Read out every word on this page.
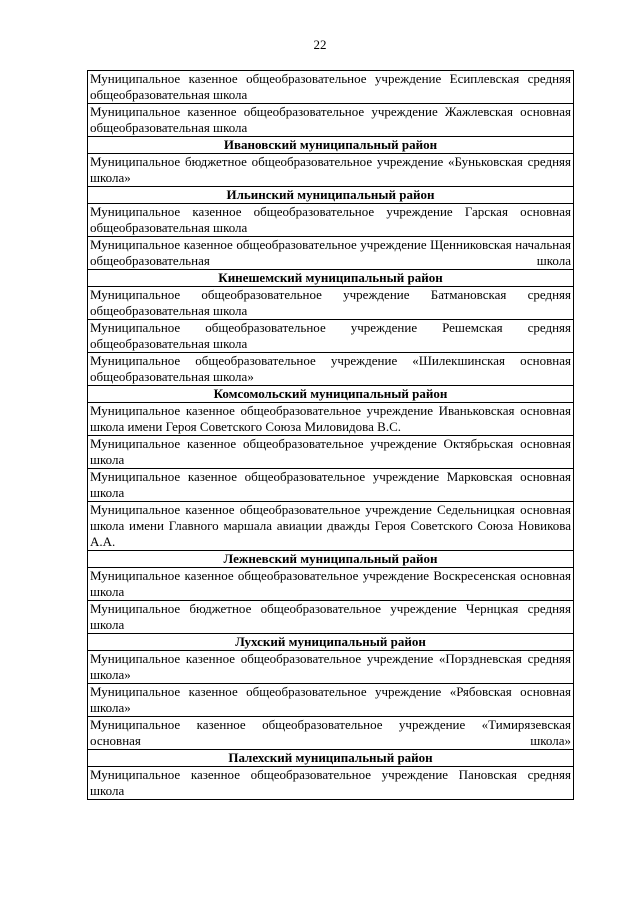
22
Муниципальное казенное общеобразовательное учреждение Есиплевская средняя общеобразовательная школа
Муниципальное казенное общеобразовательное учреждение Жажлевская основная общеобразовательная школа
Ивановский муниципальный район
Муниципальное бюджетное общеобразовательное учреждение «Буньковская средняя школа»
Ильинский муниципальный район
Муниципальное казенное общеобразовательное учреждение Гарская основная общеобразовательная школа
Муниципальное казенное общеобразовательное учреждение Щенниковская начальная общеобразовательная школа
Кинешемский муниципальный район
Муниципальное общеобразовательное учреждение Батмановская средняя общеобразовательная школа
Муниципальное общеобразовательное учреждение Решемская средняя общеобразовательная школа
Муниципальное общеобразовательное учреждение «Шилекшинская основная общеобразовательная школа»
Комсомольский муниципальный район
Муниципальное казенное общеобразовательное учреждение Иваньковская основная школа имени Героя Советского Союза Миловидова В.С.
Муниципальное казенное общеобразовательное учреждение Октябрьская основная школа
Муниципальное казенное общеобразовательное учреждение Марковская основная школа
Муниципальное казенное общеобразовательное учреждение Седельницкая основная школа имени Главного маршала авиации дважды Героя Советского Союза Новикова А.А.
Лежневский муниципальный район
Муниципальное казенное общеобразовательное учреждение Воскресенская основная школа
Муниципальное бюджетное общеобразовательное учреждение Чернцкая средняя школа
Лухский муниципальный район
Муниципальное казенное общеобразовательное учреждение «Порздневская средняя школа»
Муниципальное казенное общеобразовательное учреждение «Рябовская основная школа»
Муниципальное казенное общеобразовательное учреждение «Тимирязевская основная школа»
Палехский муниципальный район
Муниципальное казенное общеобразовательное учреждение Пановская средняя школа
